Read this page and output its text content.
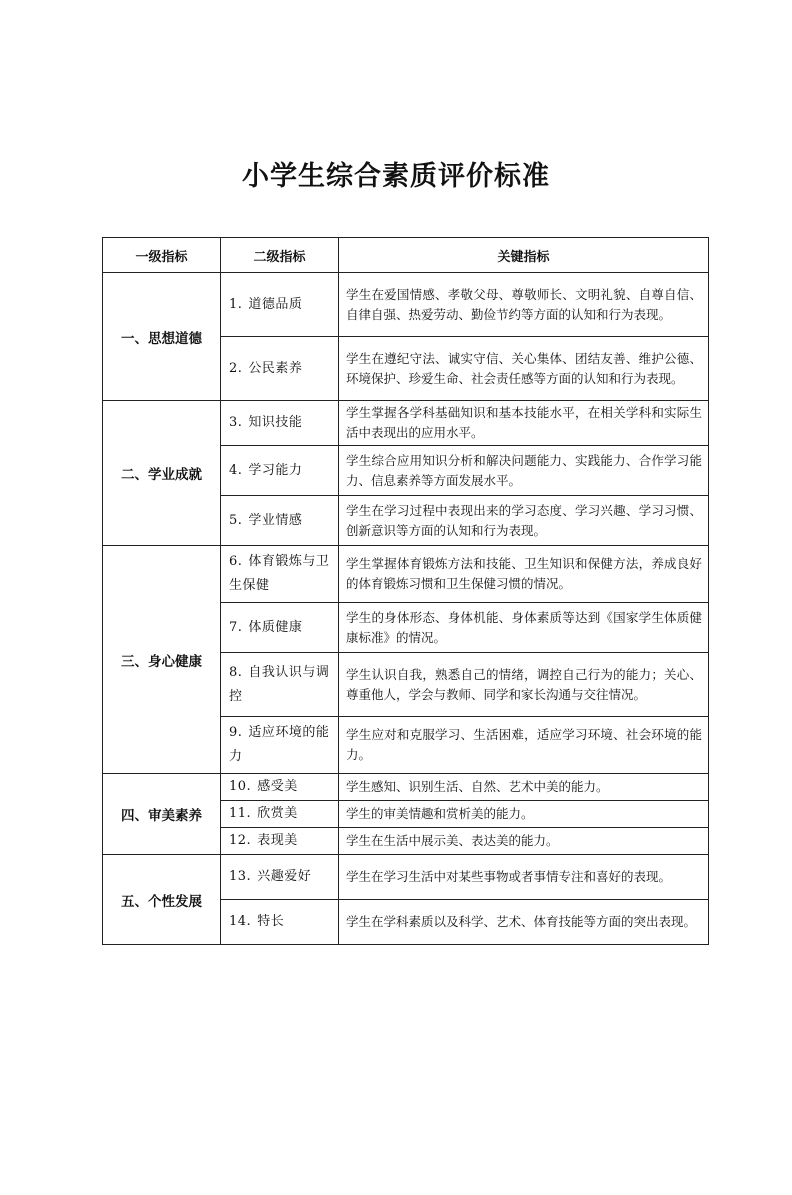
小学生综合素质评价标准
一级指标	二级指标	关键指标
一、思想道德	1. 道德品质	学生在爱国情感、孝敬父母、尊敬师长、文明礼貌、自尊自信、自律自强、热爱劳动、勤俭节约等方面的认知和行为表现。
	2. 公民素养	学生在遵纪守法、诚实守信、关心集体、团结友善、维护公德、环境保护、珍爱生命、社会责任感等方面的认知和行为表现。
二、学业成就	3. 知识技能	学生掌握各学科基础知识和基本技能水平，在相关学科和实际生活中表现出的应用水平。
	4. 学习能力	学生综合应用知识分析和解决问题能力、实践能力、合作学习能力、信息素养等方面发展水平。
	5. 学业情感	学生在学习过程中表现出来的学习态度、学习兴趣、学习习惯、创新意识等方面的认知和行为表现。
三、身心健康	6. 体育锻炼与卫生保健	学生掌握体育锻炼方法和技能、卫生知识和保健方法，养成良好的体育锻炼习惯和卫生保健习惯的情况。
	7. 体质健康	学生的身体形态、身体机能、身体素质等达到《国家学生体质健康标准》的情况。
	8. 自我认识与调控	学生认识自我，熟悉自己的情绪，调控自己行为的能力；关心、尊重他人，学会与教师、同学和家长沟通与交往情况。
	9. 适应环境的能力	学生应对和克服学习、生活困难，适应学习环境、社会环境的能力。
四、审美素养	10. 感受美	学生感知、识别生活、自然、艺术中美的能力。
	11. 欣赏美	学生的审美情趣和赏析美的能力。
	12. 表现美	学生在生活中展示美、表达美的能力。
五、个性发展	13. 兴趣爱好	学生在学习生活中对某些事物或者事情专注和喜好的表现。
	14. 特长	学生在学科素质以及科学、艺术、体育技能等方面的突出表现。
